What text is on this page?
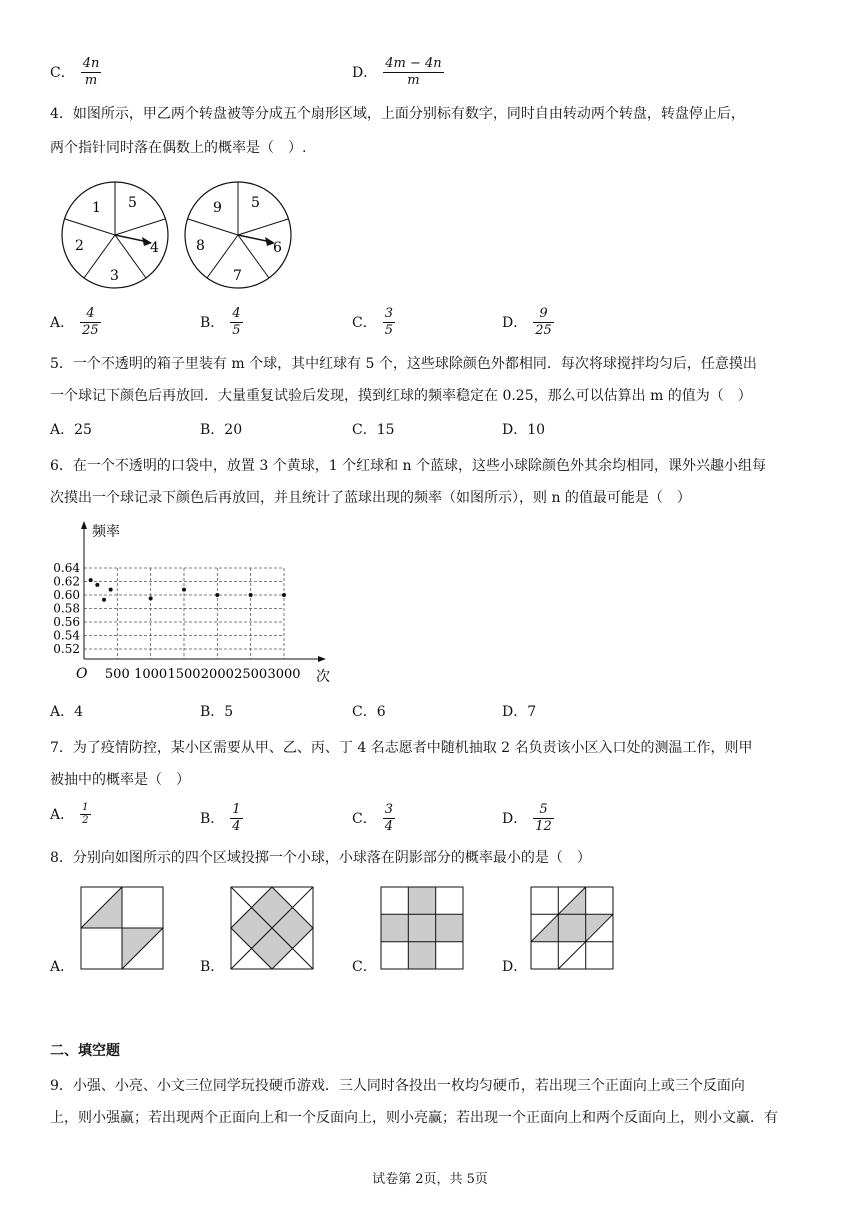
C． $\frac{4n}{m}$	D． $\frac{4m - 4n}{m}$
4．如图所示，甲乙两个转盘被等分成五个扇形区域，上面分别标有数字，同时自由转动两个转盘，转盘停止后，
两个指针同时落在偶数上的概率是（　）.
1 5
4
3
2
9 5
6
7
8
A． $\frac{4}{25}$	B． $\frac{4}{5}$	C． $\frac{3}{5}$	D． $\frac{9}{25}$
5．一个不透明的箱子里装有 m 个球，其中红球有 5 个，这些球除颜色外都相同．每次将球搅拌均匀后，任意摸出
一个球记下颜色后再放回．大量重复试验后发现，摸到红球的频率稳定在 0.25，那么可以估算出 m 的值为（　）
A．25	B．20	C．15	D．10
6．在一个不透明的口袋中，放置 3 个黄球，1 个红球和 n 个蓝球，这些小球除颜色外其余均相同，课外兴趣小组每
次摸出一个球记录下颜色后再放回，并且统计了蓝球出现的频率（如图所示），则 n 的值最可能是（　）
频率
次
O
0.52
0.54
0.56
0.58
0.60
0.62
0.64
500 1000 1500 2000 2500 3000
A．4	B．5	C．6	D．7
7．为了疫情防控，某小区需要从甲、乙、丙、丁 4 名志愿者中随机抽取 2 名负责该小区入口处的测温工作，则甲
被抽中的概率是（　）
A． $\frac{1}{2}$	B． $\frac{1}{4}$	C． $\frac{3}{4}$	D． $\frac{5}{12}$
8．分别向如图所示的四个区域投掷一个小球，小球落在阴影部分的概率最小的是（　）
A．	B．	C．	D．
二、填空题
9．小强、小亮、小文三位同学玩投硬币游戏．三人同时各投出一枚均匀硬币，若出现三个正面向上或三个反面向
上，则小强赢；若出现两个正面向上和一个反面向上，则小亮赢；若出现一个正面向上和两个反面向上，则小文赢．有
试卷第 2页，共 5页
